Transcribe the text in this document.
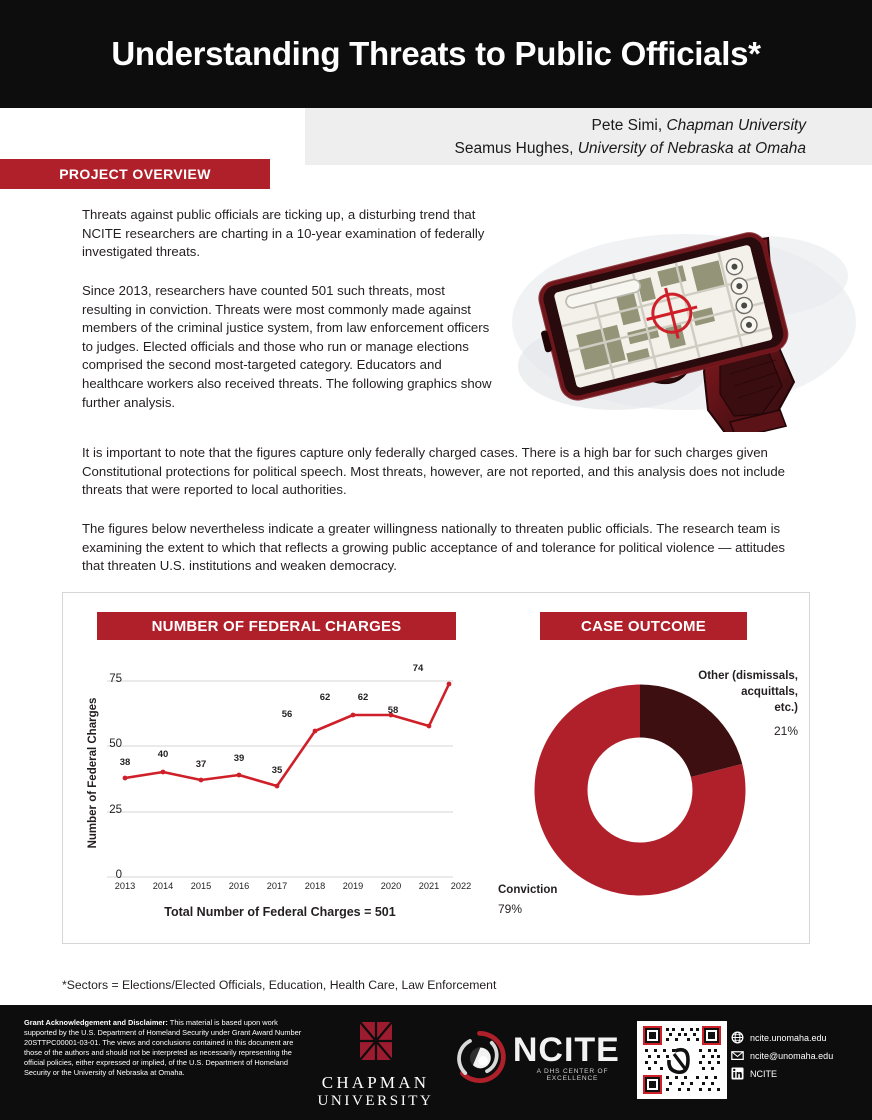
Understanding Threats to Public Officials*
Pete Simi, Chapman University
Seamus Hughes, University of Nebraska at Omaha
PROJECT OVERVIEW
Threats against public officials are ticking up, a disturbing trend that NCITE researchers are charting in a 10-year examination of federally investigated threats.
Since 2013, researchers have counted 501 such threats, most resulting in conviction. Threats were most commonly made against members of the criminal justice system, from law enforcement officers to judges. Elected officials and those who run or manage elections comprised the second most-targeted category. Educators and healthcare workers also received threats. The following graphics show further analysis.
It is important to note that the figures capture only federally charged cases. There is a high bar for such charges given Constitutional protections for political speech. Most threats, however, are not reported, and this analysis does not include threats that were reported to local authorities.
The figures below nevertheless indicate a greater willingness nationally to threaten public officials. The research team is examining the extent to which that reflects a growing public acceptance of and tolerance for political violence — attitudes that threaten U.S. institutions and weaken democracy.
NUMBER OF FEDERAL CHARGES	CASE OUTCOME
Number of Federal Charges
75
50
25
0
2013	2014	2015	2016	2017	2018	2019	2020	2021	2022
38
40
37
39
35
56
62	62
58
74
Total Number of Federal Charges = 501
Other (dismissals,
acquittals,
etc.)
21%
Conviction
79%
*Sectors = Elections/Elected Officials, Education, Health Care, Law Enforcement
Grant Acknowledgement and Disclaimer: This material is based upon work supported by the U.S. Department of Homeland Security under Grant Award Number 20STTPC00001-03-01. The views and conclusions contained in this document are those of the authors and should not be interpreted as necessarily representing the official policies, either expressed or implied, of the U.S. Department of Homeland Security or the University of Nebraska at Omaha.
CHAPMAN
UNIVERSITY
NCITE
A DHS CENTER OF EXCELLENCE
ncite.unomaha.edu
ncite@unomaha.edu
NCITE
